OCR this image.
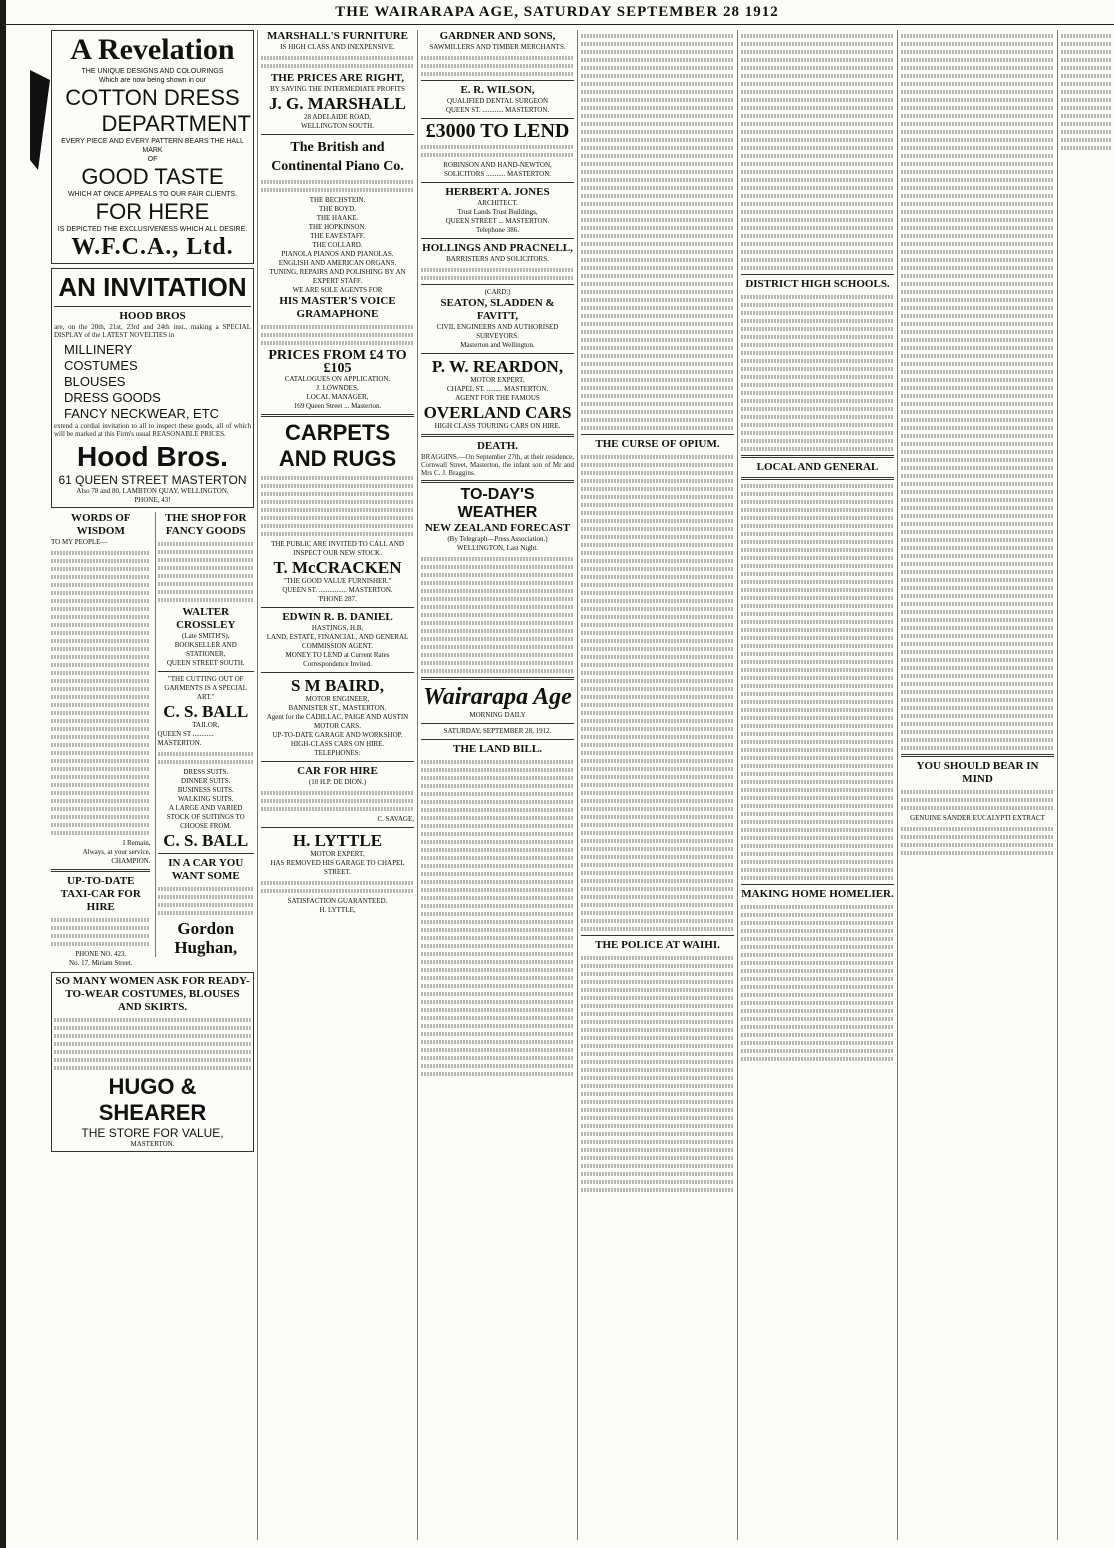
THE WAIRARAPA AGE, SATURDAY SEPTEMBER 28 1912
A Revelation
THE UNIQUE DESIGNS AND COLOURINGS
Which are now being shown in our
COTTON DRESS
DEPARTMENT
EVERY PIECE AND EVERY PATTERN BEARS THE HALL MARK
OF
GOOD TASTE
WHICH AT ONCE APPEALS TO OUR FAIR CLIENTS.
FOR HERE
IS DEPICTED THE EXCLUSIVENESS WHICH ALL DESIRE.
W.F.C.A., Ltd.
AN INVITATION
HOOD BROS
are, on the 20th, 21st, 23rd and 24th inst., making a SPECIAL DISPLAY of the LATEST NOVELTIES in
MILLINERY
COSTUMES
BLOUSES
DRESS GOODS
FANCY NECKWEAR, ETC
extend a cordial invitation to all to inspect these goods, all of which will be marked at this Firm's usual REASONABLE PRICES.
Hood Bros.
61 QUEEN STREET MASTERTON
Also 78 and 80, LAMBTON QUAY, WELLINGTON.
PHONE, 43!
WORDS OF WISDOM
TO MY PEOPLE—
I Remain,
Always, at your service,
CHAMPION.
UP-TO-DATE TAXI-CAR FOR HIRE
PHONE NO. 423.
No. 17, Miriam Street.
THE SHOP FOR FANCY GOODS
WALTER CROSSLEY
(Late SMITH'S),
BOOKSELLER AND STATIONER,
QUEEN STREET SOUTH.
"THE CUTTING OUT OF GARMENTS IS A SPECIAL ART."
C. S. BALL
TAILOR,
QUEEN ST ............ MASTERTON.
DRESS SUITS.
DINNER SUITS.
BUSINESS SUITS.
WALKING SUITS.
A LARGE AND VARIED STOCK OF SUITINGS TO CHOOSE FROM.
C. S. BALL
IN A CAR YOU WANT SOME
Gordon Hughan,
SO MANY WOMEN ASK FOR READY-TO-WEAR COSTUMES, BLOUSES AND SKIRTS.
HUGO & SHEARER
THE STORE FOR VALUE,
MASTERTON.
MARSHALL'S FURNITURE
IS HIGH CLASS AND INEXPENSIVE.
THE PRICES ARE RIGHT,
BY SAVING THE INTERMEDIATE PROFITS
J. G. MARSHALL
28 ADELAIDE ROAD,
WELLINGTON SOUTH.
The British and Continental Piano Co.
THE BECHSTEIN.
THE BOYD.
THE HAAKE.
THE HOPKINSON.
THE EAVESTAFF.
THE COLLARD.
PIANOLA PIANOS AND PIANOLAS.
ENGLISH AND AMERICAN ORGANS.
TUNING, REPAIRS AND POLISHING BY AN EXPERT STAFF.
WE ARE SOLE AGENTS FOR
HIS MASTER'S VOICE
GRAMAPHONE
PRICES FROM £4 TO £105
CATALOGUES ON APPLICATION.
J. LOWNDES,
LOCAL MANAGER,
169 Queen Street ... Masterton.
CARPETS AND RUGS
THE PUBLIC ARE INVITED TO CALL AND INSPECT OUR NEW STOCK.
T. McCRACKEN
"THE GOOD VALUE FURNISHER."
QUEEN ST. ................ MASTERTON.
'PHONE 287.
EDWIN R. B. DANIEL
HASTINGS, H.B,
LAND, ESTATE, FINANCIAL, AND GENERAL COMMISSION AGENT.
MONEY TO LEND at Current Rates
Correspondence Invited.
S M BAIRD,
MOTOR ENGINEER,
BANNISTER ST., MASTERTON.
Agent for the CADILLAC, PAIGE AND AUSTIN MOTOR CARS.
UP-TO-DATE GARAGE AND WORKSHOP.
HIGH-CLASS CARS ON HIRE.
TELEPHONES:
CAR FOR HIRE
(10 H.P. DE DION.)
C. SAVAGE,
H. LYTTLE
MOTOR EXPERT,
HAS REMOVED HIS GARAGE TO CHAPEL STREET.
SATISFACTION GUARANTEED.
H. LYTTLE,
GARDNER AND SONS,
SAWMILLERS AND TIMBER MERCHANTS.
E. R. WILSON,
QUALIFIED DENTAL SURGEON
QUEEN ST. ............ MASTERTON.
£3000 TO LEND
ROBINSON AND HAND-NEWTON,
SOLICITORS ........... MASTERTON.
HERBERT A. JONES
ARCHITECT.
Trust Lands Trust Buildings,
QUEEN STREET ... MASTERTON.
Telephone 386.
HOLLINGS AND PRACNELL,
BARRISTERS AND SOLICITORS.
(CARD.)
SEATON, SLADDEN & FAVITT,
CIVIL ENGINEERS AND AUTHORISED SURVEYORS.
Masterton and Wellington.
P. W. REARDON,
MOTOR EXPERT,
CHAPEL ST. ......... MASTERTON.
AGENT FOR THE FAMOUS
OVERLAND CARS
HIGH CLASS TOURING CARS ON HIRE.
DEATH.
BRAGGINS.—On September 27th, at their residence, Cornwall Street, Masterton, the infant son of Mr and Mrs C. J. Braggins.
TO-DAY'S WEATHER
NEW ZEALAND FORECAST
(By Telegraph—Press Association.)
WELLINGTON, Last Night.
Wairarapa Age
MORNING DAILY
SATURDAY, SEPTEMBER 28, 1912.
THE LAND BILL.
THE CURSE OF OPIUM.
THE POLICE AT WAIHI.
DISTRICT HIGH SCHOOLS.
LOCAL AND GENERAL
MAKING HOME HOMELIER.
YOU SHOULD BEAR IN MIND
GENUINE SANDER EUCALYPTI EXTRACT
